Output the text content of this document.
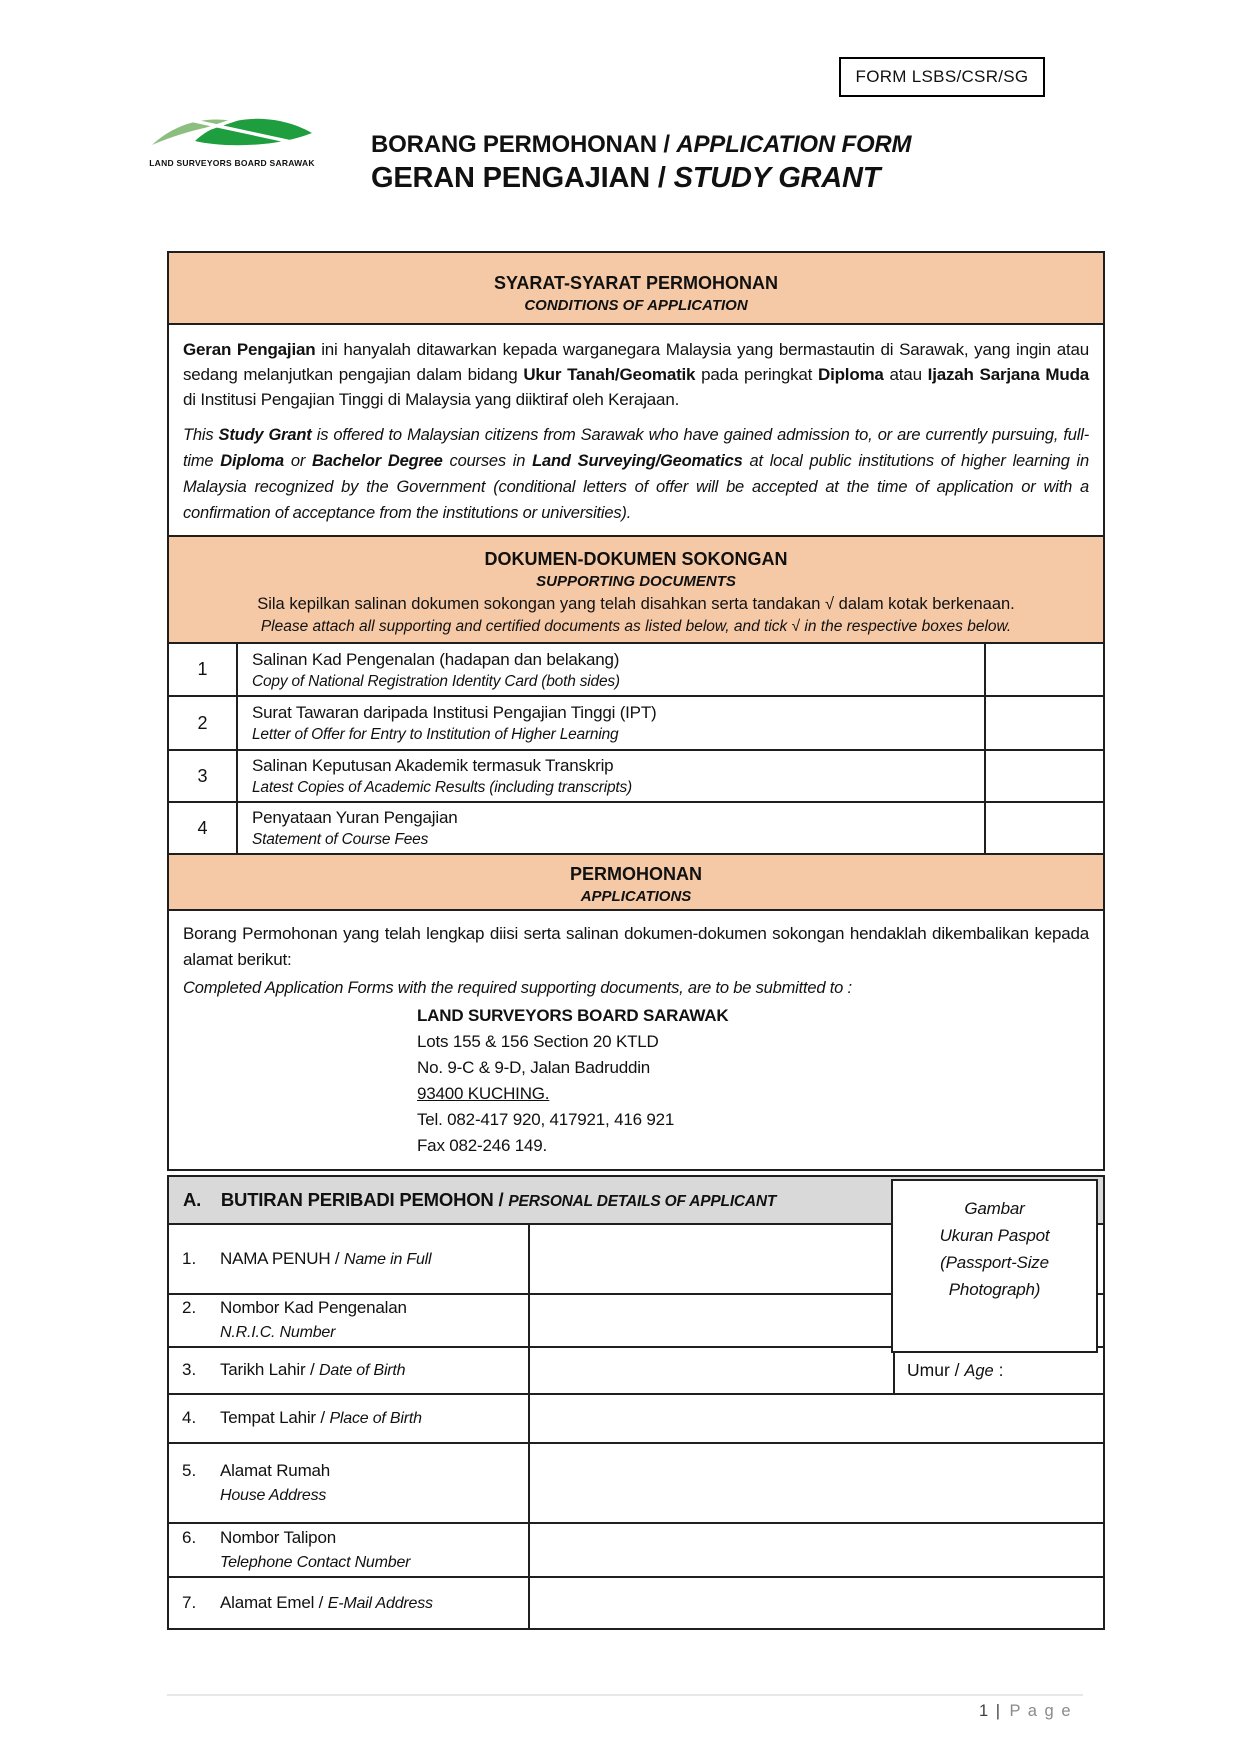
FORM LSBS/CSR/SG
LAND SURVEYORS BOARD SARAWAK
BORANG PERMOHONAN / APPLICATION FORM
GERAN PENGAJIAN / STUDY GRANT
SYARAT-SYARAT PERMOHONAN
CONDITIONS OF APPLICATION		

Geran Pengajian ini hanyalah ditawarkan kepada warganegara Malaysia yang bermastautin di Sarawak, yang ingin atau sedang melanjutkan pengajian dalam bidang Ukur Tanah/Geomatik pada peringkat Diploma atau Ijazah Sarjana Muda di Institusi Pengajian Tinggi di Malaysia yang diiktiraf oleh Kerajaan.

This Study Grant is offered to Malaysian citizens from Sarawak who have gained admission to, or are currently pursuing, full-time Diploma or Bachelor Degree courses in Land Surveying/Geomatics at local public institutions of higher learning in Malaysia recognized by the Government (conditional letters of offer will be accepted at the time of application or with a confirmation of acceptance from the institutions or universities).		

DOKUMEN-DOKUMEN SOKONGAN
SUPPORTING DOCUMENTS
Sila kepilkan salinan dokumen sokongan yang telah disahkan serta tandakan √ dalam kotak berkenaan.
Please attach all supporting and certified documents as listed below, and tick √ in the respective boxes below.		

1	Salinan Kad Pengenalan (hadapan dan belakang)
Copy of National Registration Identity Card (both sides)	

2	Surat Tawaran daripada Institusi Pengajian Tinggi (IPT)
Letter of Offer for Entry to Institution of Higher Learning	

3	Salinan Keputusan Akademik termasuk Transkrip
Latest Copies of Academic Results (including transcripts)	

4	Penyataan Yuran Pengajian
Statement of Course Fees	

PERMOHONAN
APPLICATIONS		

Borang Permohonan yang telah lengkap diisi serta salinan dokumen-dokumen sokongan hendaklah dikembalikan kepada alamat berikut:

Completed Application Forms with the required supporting documents, are to be submitted to :

LAND SURVEYORS BOARD SARAWAK
Lots 155 & 156 Section 20 KTLD
No. 9-C & 9-D, Jalan Badruddin
93400 KUCHING.
Tel. 082-417 920, 417921, 416 921
Fax 082-246 149.
A. BUTIRAN PERIBADI PEMOHON / PERSONAL DETAILS OF APPLICANT		

1. NAMA PENUH / Name in Full		

2. Nombor Kad Pengenalan
N.R.I.C. Number		

3. Tarikh Lahir / Date of Birth		Umur / Age :

4. Tempat Lahir / Place of Birth		

5. Alamat Rumah
House Address		

6. Nombor Talipon
Telephone Contact Number		

7. Alamat Emel / E-Mail Address		

Gambar
Ukuran Paspot
(Passport-Size
Photograph)
1 | P a g e
